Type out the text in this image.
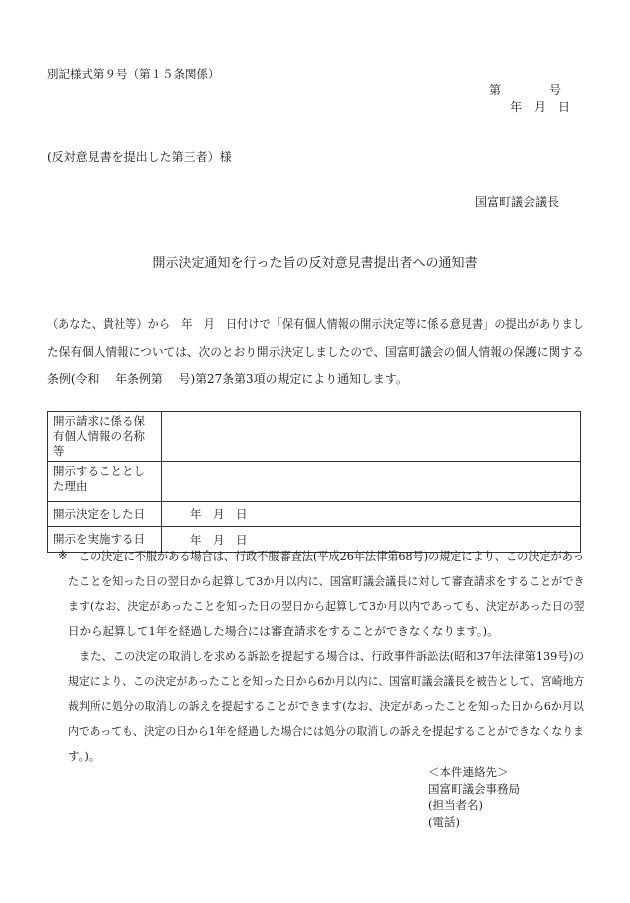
別記様式第９号（第１５条関係）
第　　　　号
年　月　日
(反対意見書を提出した第三者）様
国富町議会議長
開示決定通知を行った旨の反対意見書提出者への通知書
（あなた、貴社等）から　年　月　日付けで「保有個人情報の開示決定等に係る意見書」の提出がありまし
た保有個人情報については、次のとおり開示決定しましたので、国富町議会の個人情報の保護に関する
条例(令和　 年条例第　 号)第27条第3項の規定により通知します。
開示請求に係る保有個人情報の名称等	
開示することとした理由	
開示決定をした日	年　月　日
開示を実施する日	年　月　日
※ この決定に不服がある場合は、行政不服審査法(平成26年法律第68号)の規定により、この決定があっ
たことを知った日の翌日から起算して3か月以内に、国富町議会議長に対して審査請求をすることができ
ます(なお、決定があったことを知った日の翌日から起算して3か月以内であっても、決定があった日の翌
日から起算して1年を経過した場合には審査請求をすることができなくなります。)。
また、この決定の取消しを求める訴訟を提起する場合は、行政事件訴訟法(昭和37年法律第139号)の
規定により、この決定があったことを知った日から6か月以内に、国富町議会議長を被告として、宮崎地方
裁判所に処分の取消しの訴えを提起することができます(なお、決定があったことを知った日から6か月以
内であっても、決定の日から1年を経過した場合には処分の取消しの訴えを提起することができなくなりま
す。)。
＜本件連絡先＞
国富町議会事務局
(担当者名)
(電話)
